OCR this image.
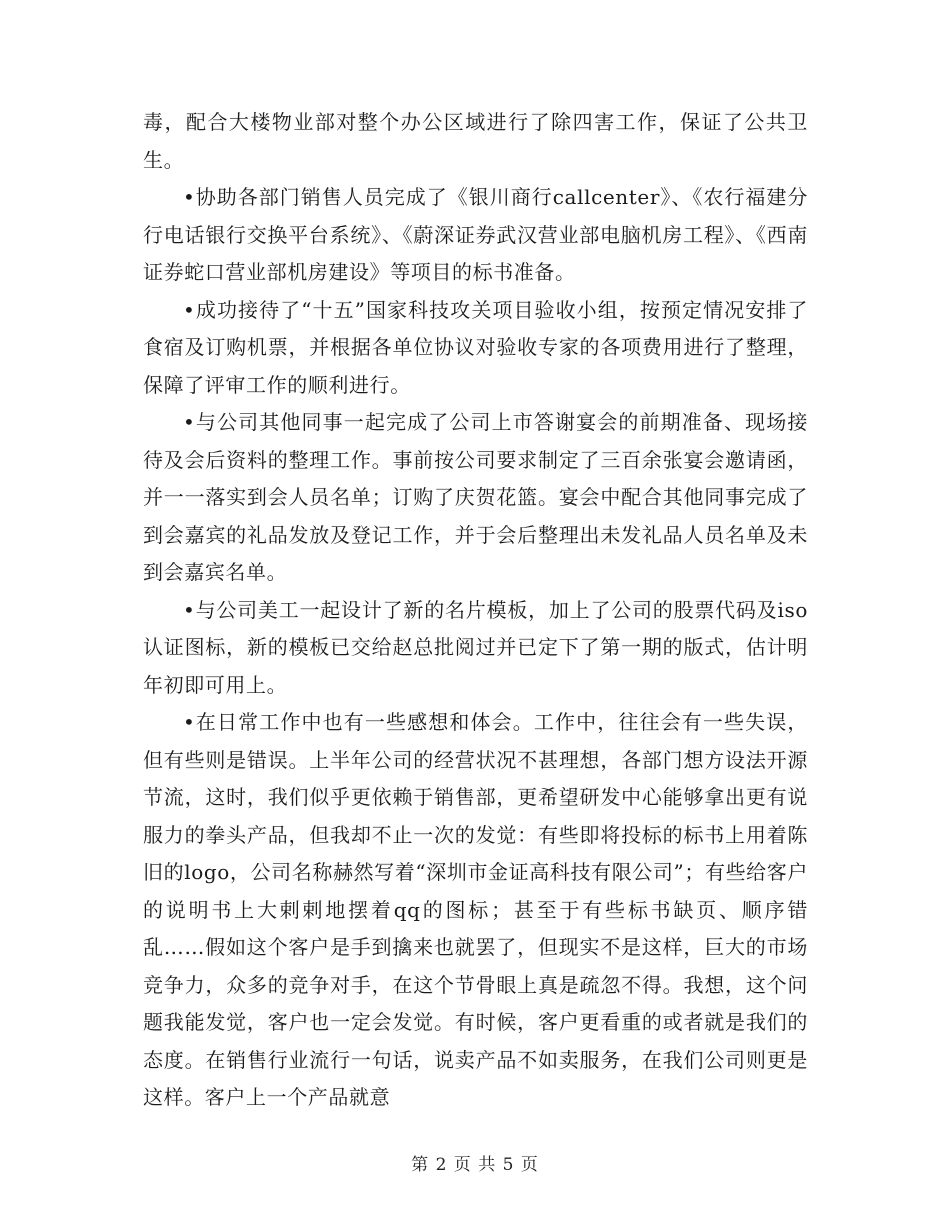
毒，配合大楼物业部对整个办公区域进行了除四害工作，保证了公共卫生。

•协助各部门销售人员完成了《银川商行callcenter》、《农行福建分行电话银行交换平台系统》、《蔚深证券武汉营业部电脑机房工程》、《西南证券蛇口营业部机房建设》等项目的标书准备。

•成功接待了“十五”国家科技攻关项目验收小组，按预定情况安排了食宿及订购机票，并根据各单位协议对验收专家的各项费用进行了整理，保障了评审工作的顺利进行。

•与公司其他同事一起完成了公司上市答谢宴会的前期准备、现场接待及会后资料的整理工作。事前按公司要求制定了三百余张宴会邀请函，并一一落实到会人员名单；订购了庆贺花篮。宴会中配合其他同事完成了到会嘉宾的礼品发放及登记工作，并于会后整理出未发礼品人员名单及未到会嘉宾名单。

•与公司美工一起设计了新的名片模板，加上了公司的股票代码及iso认证图标，新的模板已交给赵总批阅过并已定下了第一期的版式，估计明年初即可用上。

•在日常工作中也有一些感想和体会。工作中，往往会有一些失误，但有些则是错误。上半年公司的经营状况不甚理想，各部门想方设法开源节流，这时，我们似乎更依赖于销售部，更希望研发中心能够拿出更有说服力的拳头产品，但我却不止一次的发觉：有些即将投标的标书上用着陈旧的logo，公司名称赫然写着“深圳市金证高科技有限公司”；有些给客户的说明书上大剌剌地摆着qq的图标；甚至于有些标书缺页、顺序错乱……假如这个客户是手到擒来也就罢了，但现实不是这样，巨大的市场竞争力，众多的竞争对手，在这个节骨眼上真是疏忽不得。我想，这个问题我能发觉，客户也一定会发觉。有时候，客户更看重的或者就是我们的态度。在销售行业流行一句话，说卖产品不如卖服务，在我们公司则更是这样。客户上一个产品就意

第 2 页 共 5 页
